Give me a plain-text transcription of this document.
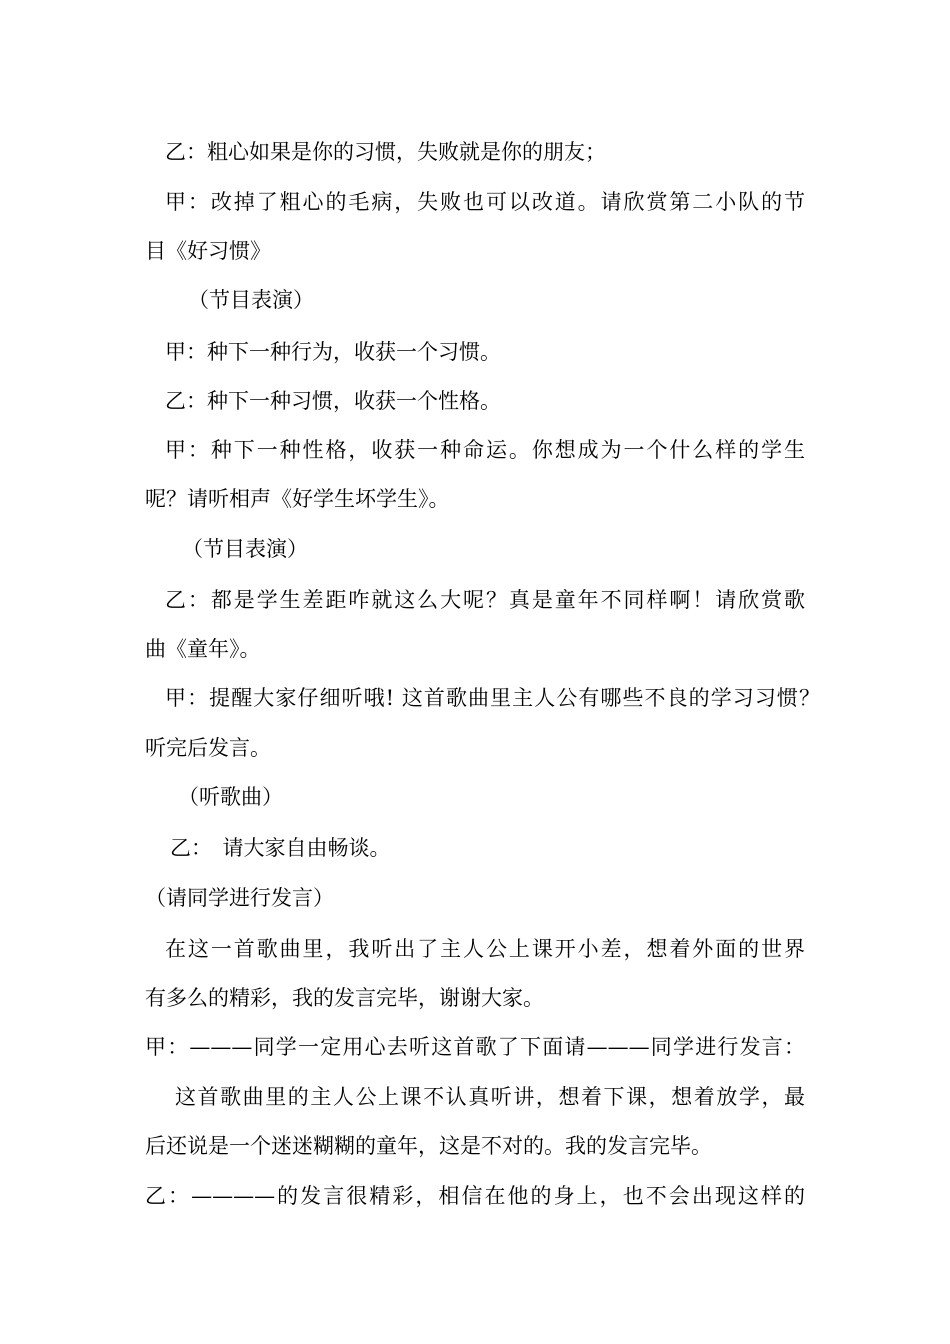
乙：粗心如果是你的习惯，失败就是你的朋友；
甲：改掉了粗心的毛病，失败也可以改道。请欣赏第二小队的节
目《好习惯》
（节目表演）
甲：种下一种行为，收获一个习惯。
乙：种下一种习惯，收获一个性格。
甲：种下一种性格，收获一种命运。你想成为一个什么样的学生
呢？请听相声《好学生坏学生》。
（节目表演）
乙：都是学生差距咋就这么大呢？真是童年不同样啊！请欣赏歌
曲《童年》。
甲：提醒大家仔细听哦! 这首歌曲里主人公有哪些不良的学习习惯？
听完后发言。
（听歌曲）
乙：　请大家自由畅谈。
（请同学进行发言）
在这一首歌曲里，我听出了主人公上课开小差，想着外面的世界
有多么的精彩，我的发言完毕，谢谢大家。
甲：———同学一定用心去听这首歌了下面请———同学进行发言：
这首歌曲里的主人公上课不认真听讲，想着下课，想着放学，最
后还说是一个迷迷糊糊的童年，这是不对的。我的发言完毕。
乙：————的发言很精彩，相信在他的身上，也不会出现这样的
